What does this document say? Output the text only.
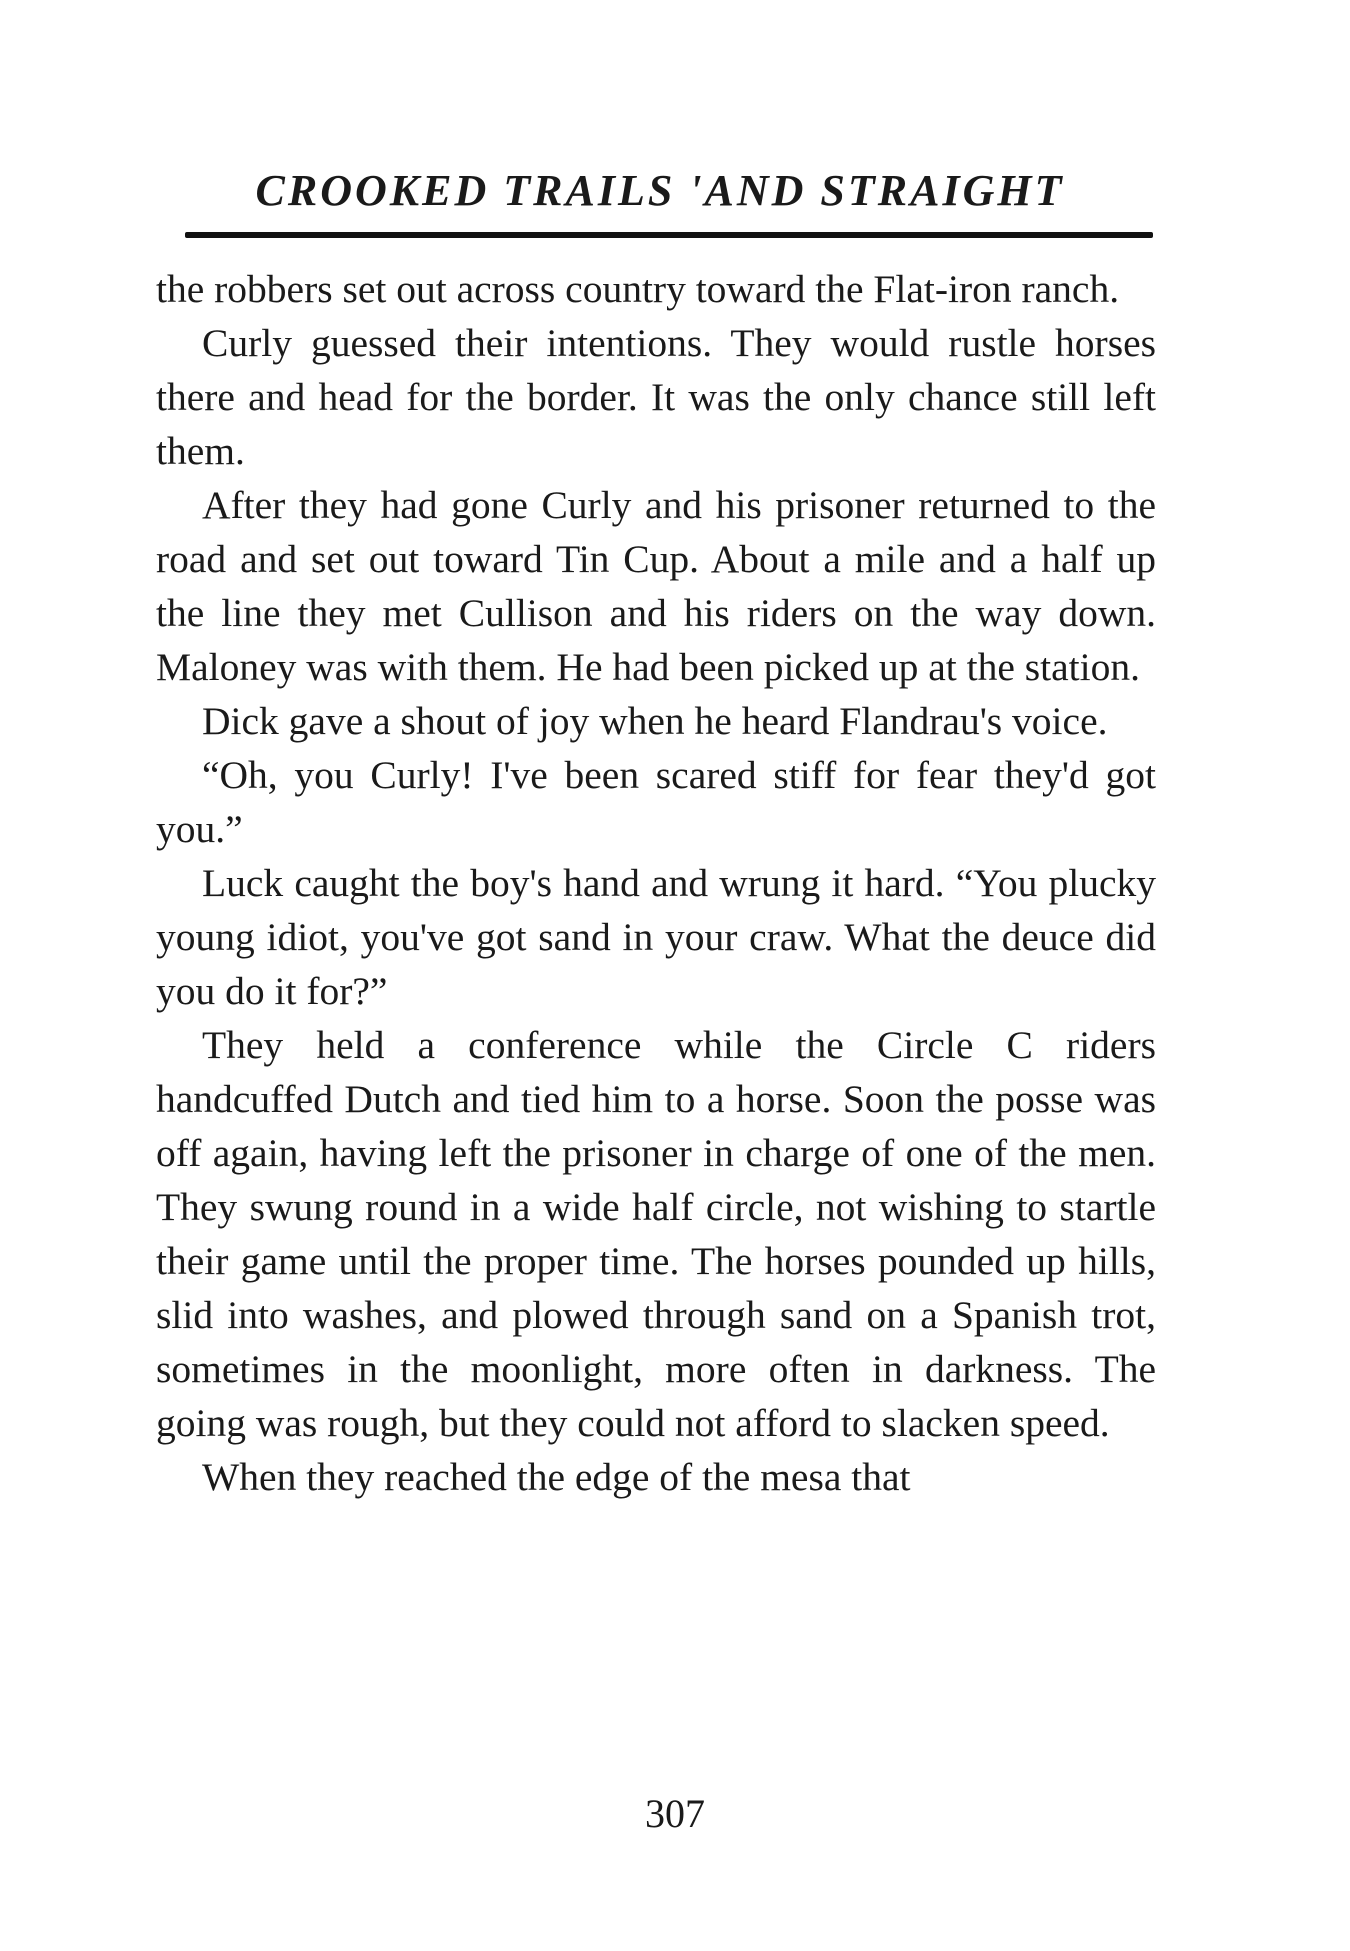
CROOKED TRAILS 'AND STRAIGHT

the robbers set out across country toward the Flat-iron ranch.

Curly guessed their intentions. They would rustle horses there and head for the border. It was the only chance still left them.

After they had gone Curly and his prisoner returned to the road and set out toward Tin Cup. About a mile and a half up the line they met Cullison and his riders on the way down. Maloney was with them. He had been picked up at the station.

Dick gave a shout of joy when he heard Flandrau's voice.

“Oh, you Curly! I've been scared stiff for fear they'd got you.”

Luck caught the boy's hand and wrung it hard. “You plucky young idiot, you've got sand in your craw. What the deuce did you do it for?”

They held a conference while the Circle C riders handcuffed Dutch and tied him to a horse. Soon the posse was off again, having left the prisoner in charge of one of the men. They swung round in a wide half circle, not wishing to startle their game until the proper time. The horses pounded up hills, slid into washes, and plowed through sand on a Spanish trot, sometimes in the moonlight, more often in darkness. The going was rough, but they could not afford to slacken speed.

When they reached the edge of the mesa that

307
